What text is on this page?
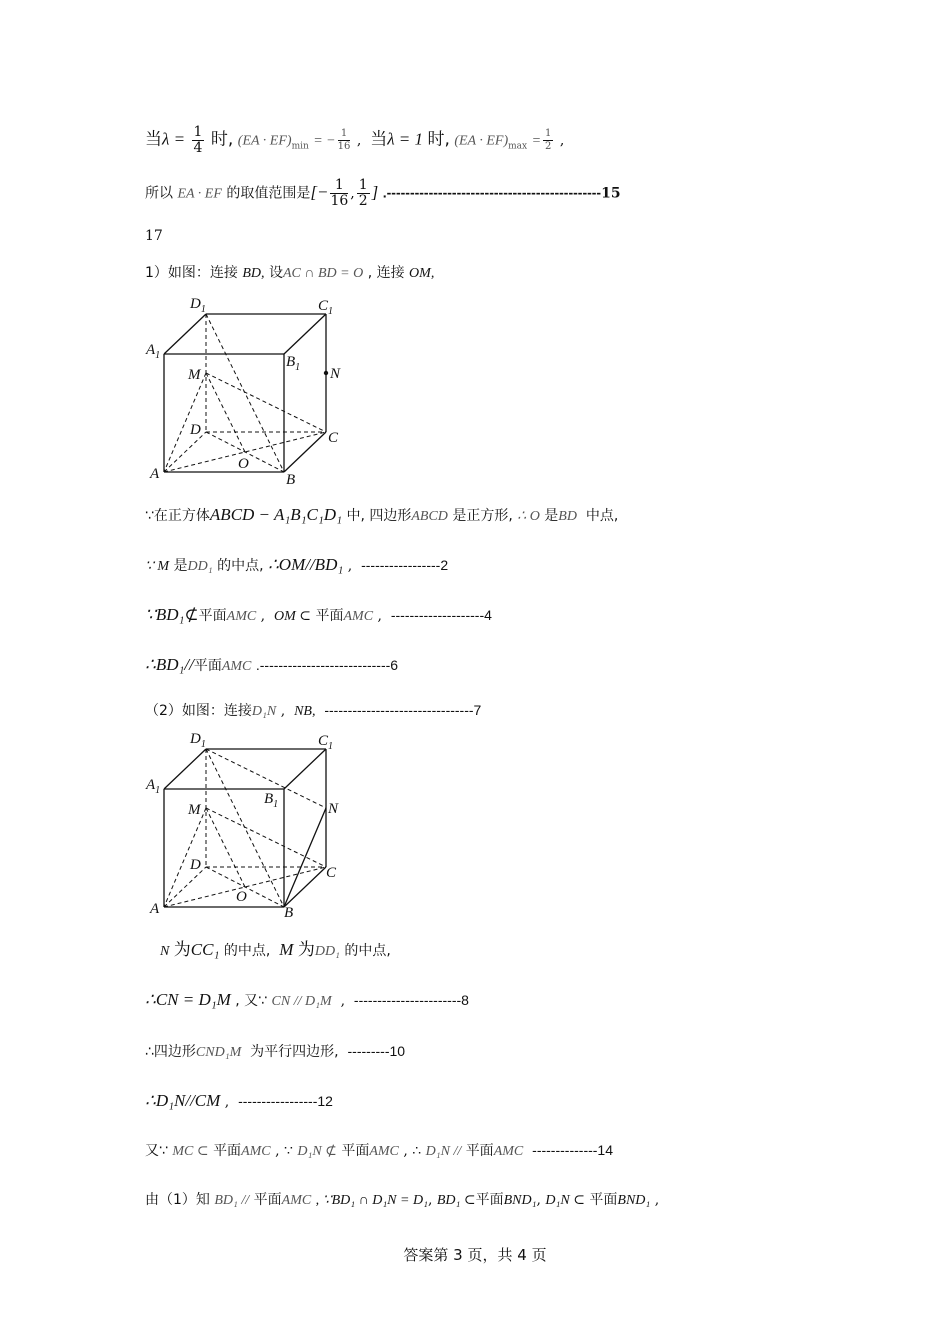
当$\lambda = \frac{1}{4}$ 时, $(EA \cdot EF)_{min}$ = − $\frac{1}{16}$ , 当λ = 1 时, $(EA \cdot EF)_{max} = \frac{1}{2}$ ,
所以 EA · EF 的取值范围是[− $\frac{1}{16}$ , $\frac{1}{2}$ ] .----------------------------------------------15
17
1）如图：连接 BD, 设AC ∩ BD = O , 连接 OM,
$D_1$	$C_1$
$A_1$	$B_1$
M	N
D	C
A
O
B
∵在正方体ABCD − A₁B₁C₁D₁ 中, 四边形ABCD 是正方形, ∴ O 是BD 中点,
∵ M 是DD₁ 的中点, ∴OM//BD₁ , -----------------2
∵BD₁⊄平面AMC , OM ⊂ 平面AMC , --------------------4
∴BD₁//平面AMC .----------------------------6
（2）如图：连接D₁N , NB, --------------------------------7
$D_1$	$C_1$
$A_1$
$B_1$
M	N
D	C
A
O
B
N 为CC₁ 的中点, M 为DD₁ 的中点,
∴CN = D₁M , 又∵ CN // D₁M , -----------------------8
∴四边形CND₁M 为平行四边形, ---------10
∴D₁N//CM , -----------------12
又∵ MC ⊂ 平面AMC , ∵ D₁N ⊄ 平面AMC , ∴ D₁N // 平面AMC --------------14
由（1）知 BD₁ // 平面AMC , ∵BD₁ ∩ D₁N = D₁, BD₁ ⊂平面BND₁, D₁N ⊂ 平面BND₁ ,
答案第 3 页，共 4 页
